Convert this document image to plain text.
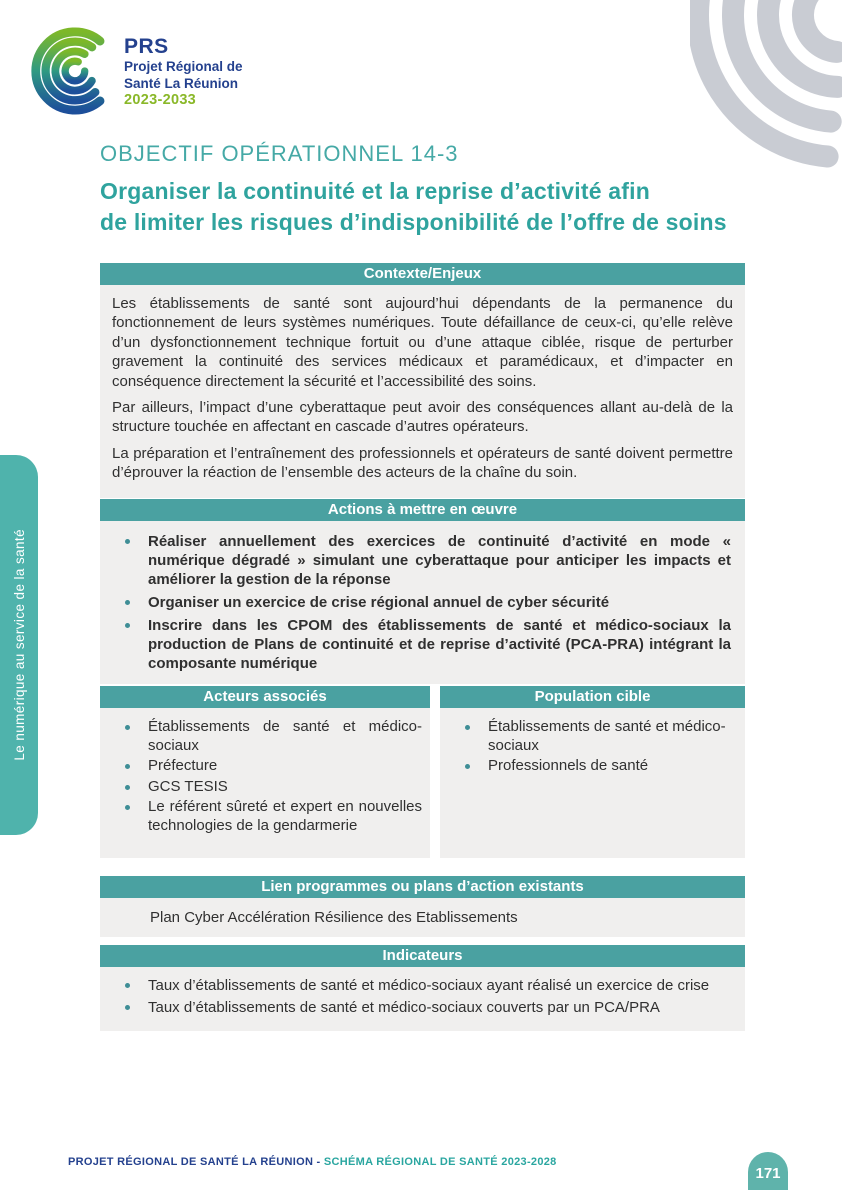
PRS
Projet Régional de
Santé La Réunion
2023-2033
Le numérique au service de la santé
OBJECTIF OPÉRATIONNEL 14-3
Organiser la continuité et la reprise d’activité afin
de limiter les risques d’indisponibilité de l’offre de soins
Contexte/Enjeux

Les établissements de santé sont aujourd’hui dépendants de la permanence du fonctionnement de leurs systèmes numériques. Toute défaillance de ceux-ci, qu’elle relève d’un dysfonctionnement technique fortuit ou d’une attaque ciblée, risque de perturber gravement la continuité des services médicaux et paramédicaux, et d’impacter en conséquence directement la sécurité et l’accessibilité des soins.

Par ailleurs, l’impact d’une cyberattaque peut avoir des conséquences allant au-delà de la structure touchée en affectant en cascade d’autres opérateurs.

La préparation et l’entraînement des professionnels et opérateurs de santé doivent permettre d’éprouver la réaction de l’ensemble des acteurs de la chaîne du soin.

Actions à mettre en œuvre
Réaliser annuellement des exercices de continuité d’activité en mode « numérique dégradé » simulant une cyberattaque pour anticiper les impacts et améliorer la gestion de la réponse
Organiser un exercice de crise régional annuel de cyber sécurité
Inscrire dans les CPOM des établissements de santé et médico-sociaux la production de Plans de continuité et de reprise d’activité (PCA-PRA) intégrant la composante numérique
Acteurs associés
Établissements de santé et médico-sociaux
Préfecture
GCS TESIS
Le référent sûreté et expert en nouvelles technologies de la gendarmerie
Population cible
Établissements de santé et médico-sociaux
Professionnels de santé
Lien programmes ou plans d’action existants
Plan Cyber Accélération Résilience des Etablissements
Indicateurs
Taux d’établissements de santé et médico-sociaux ayant réalisé un exercice de crise
Taux d’établissements de santé et médico-sociaux couverts par un PCA/PRA
PROJET RÉGIONAL DE SANTÉ LA RÉUNION - SCHÉMA RÉGIONAL DE SANTÉ 2023-2028
171
